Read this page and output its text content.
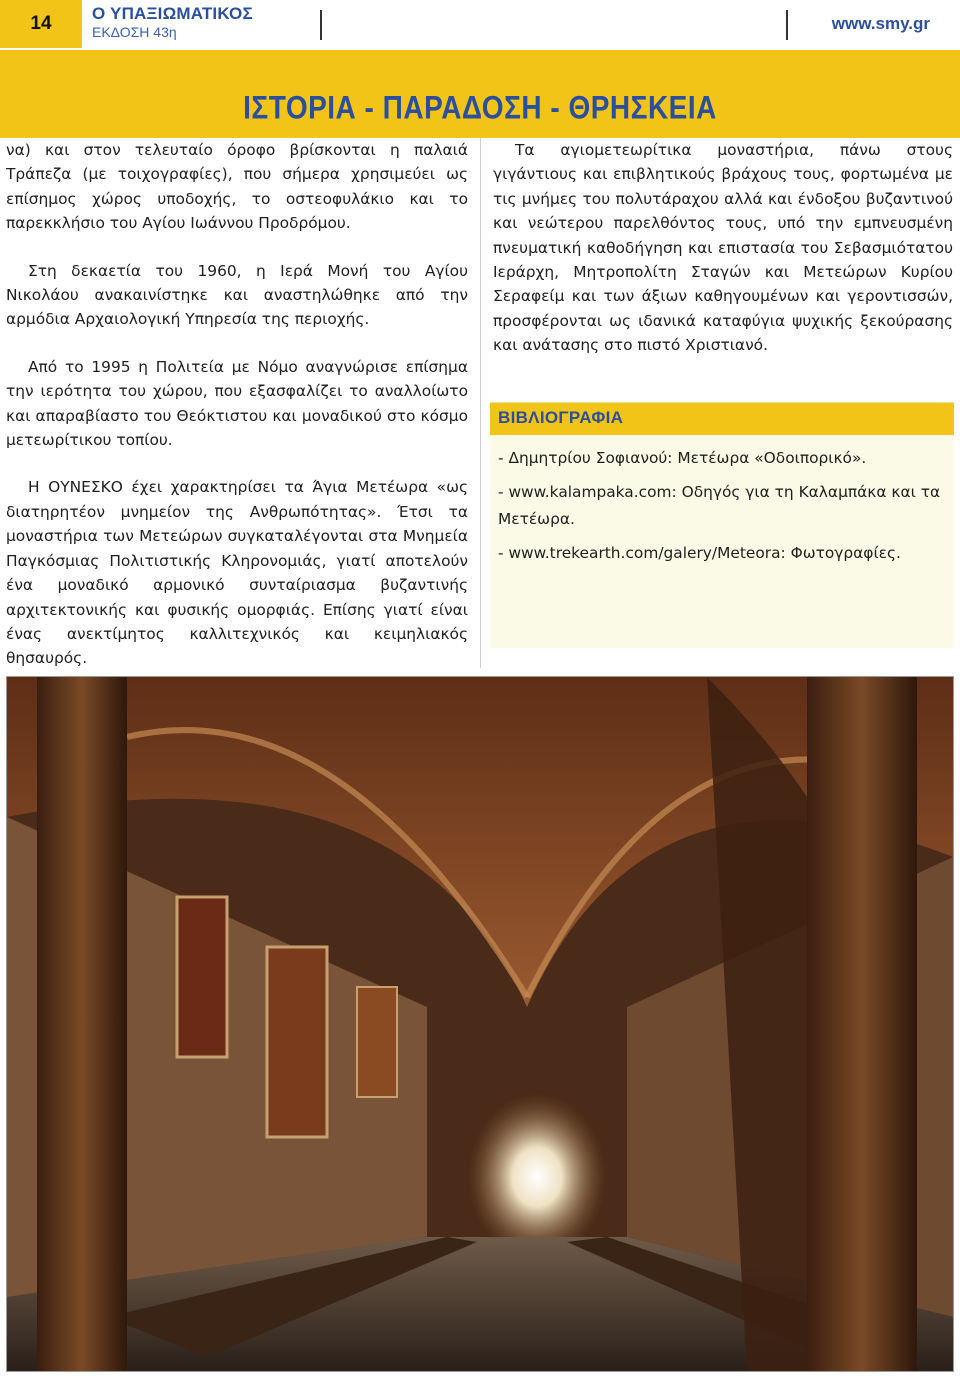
14	Ο ΥΠΑΞΙΩΜΑΤΙΚΟΣ
ΕΚΔΟΣΗ 43η	www.smy.gr
ΙΣΤΟΡΙΑ - ΠΑΡΑΔΟΣΗ - ΘΡΗΣΚΕΙΑ

να) και στον τελευταίο όροφο βρίσκονται η παλαιά Τράπεζα (με τοιχογραφίες), που σήμερα χρησιμεύει ως επίσημος χώρος υποδοχής, το οστεοφυλάκιο και το παρεκκλήσιο του Αγίου Ιωάννου Προδρόμου.

Στη δεκαετία του 1960, η Ιερά Μονή του Αγίου Νικολάου ανακαινίστηκε και αναστηλώθηκε από την αρμόδια Αρχαιολογική Υπηρεσία της περιοχής.

Από το 1995 η Πολιτεία με Νόμο αναγνώρισε επίσημα την ιερότητα του χώρου, που εξασφαλίζει το αναλλοίωτο και απαραβίαστο του Θεόκτιστου και μοναδικού στο κόσμο μετεωρίτικου τοπίου.

Η ΟΥΝΕΣΚΟ έχει χαρακτηρίσει τα Άγια Μετέωρα «ως διατηρητέον μνημείον της Ανθρωπότητας». Έτσι τα μοναστήρια των Μετεώρων συγκαταλέγονται στα Μνημεία Παγκόσμιας Πολιτιστικής Κληρονομιάς, γιατί αποτελούν ένα μοναδικό αρμονικό συνταίριασμα βυζαντινής αρχιτεκτονικής και φυσικής ομορφιάς. Επίσης γιατί είναι ένας ανεκτίμητος καλλιτεχνικός και κειμηλιακός θησαυρός.

Τα αγιομετεωρίτικα μοναστήρια, πάνω στους γιγάντιους και επιβλητικούς βράχους τους, φορτωμένα με τις μνήμες του πολυτάραχου αλλά και ένδοξου βυζαντινού και νεώτερου παρελθόντος τους, υπό την εμπνευσμένη πνευματική καθοδήγηση και επιστασία του Σεβασμιότατου Ιεράρχη, Μητροπολίτη Σταγών και Μετεώρων Κυρίου Σεραφείμ και των άξιων καθηγουμένων και γεροντισσών, προσφέρονται ως ιδανικά καταφύγια ψυχικής ξεκούρασης και ανάτασης στο πιστό Χριστιανό.

ΒΙΒΛΙΟΓΡΑΦΙΑ

- Δημητρίου Σοφιανού: Μετέωρα «Οδοιπορικό».

- www.kalampaka.com: Οδηγός για τη Καλαμπάκα και τα Μετέωρα.

- www.trekearth.com/galery/Meteora: Φωτογραφίες.
